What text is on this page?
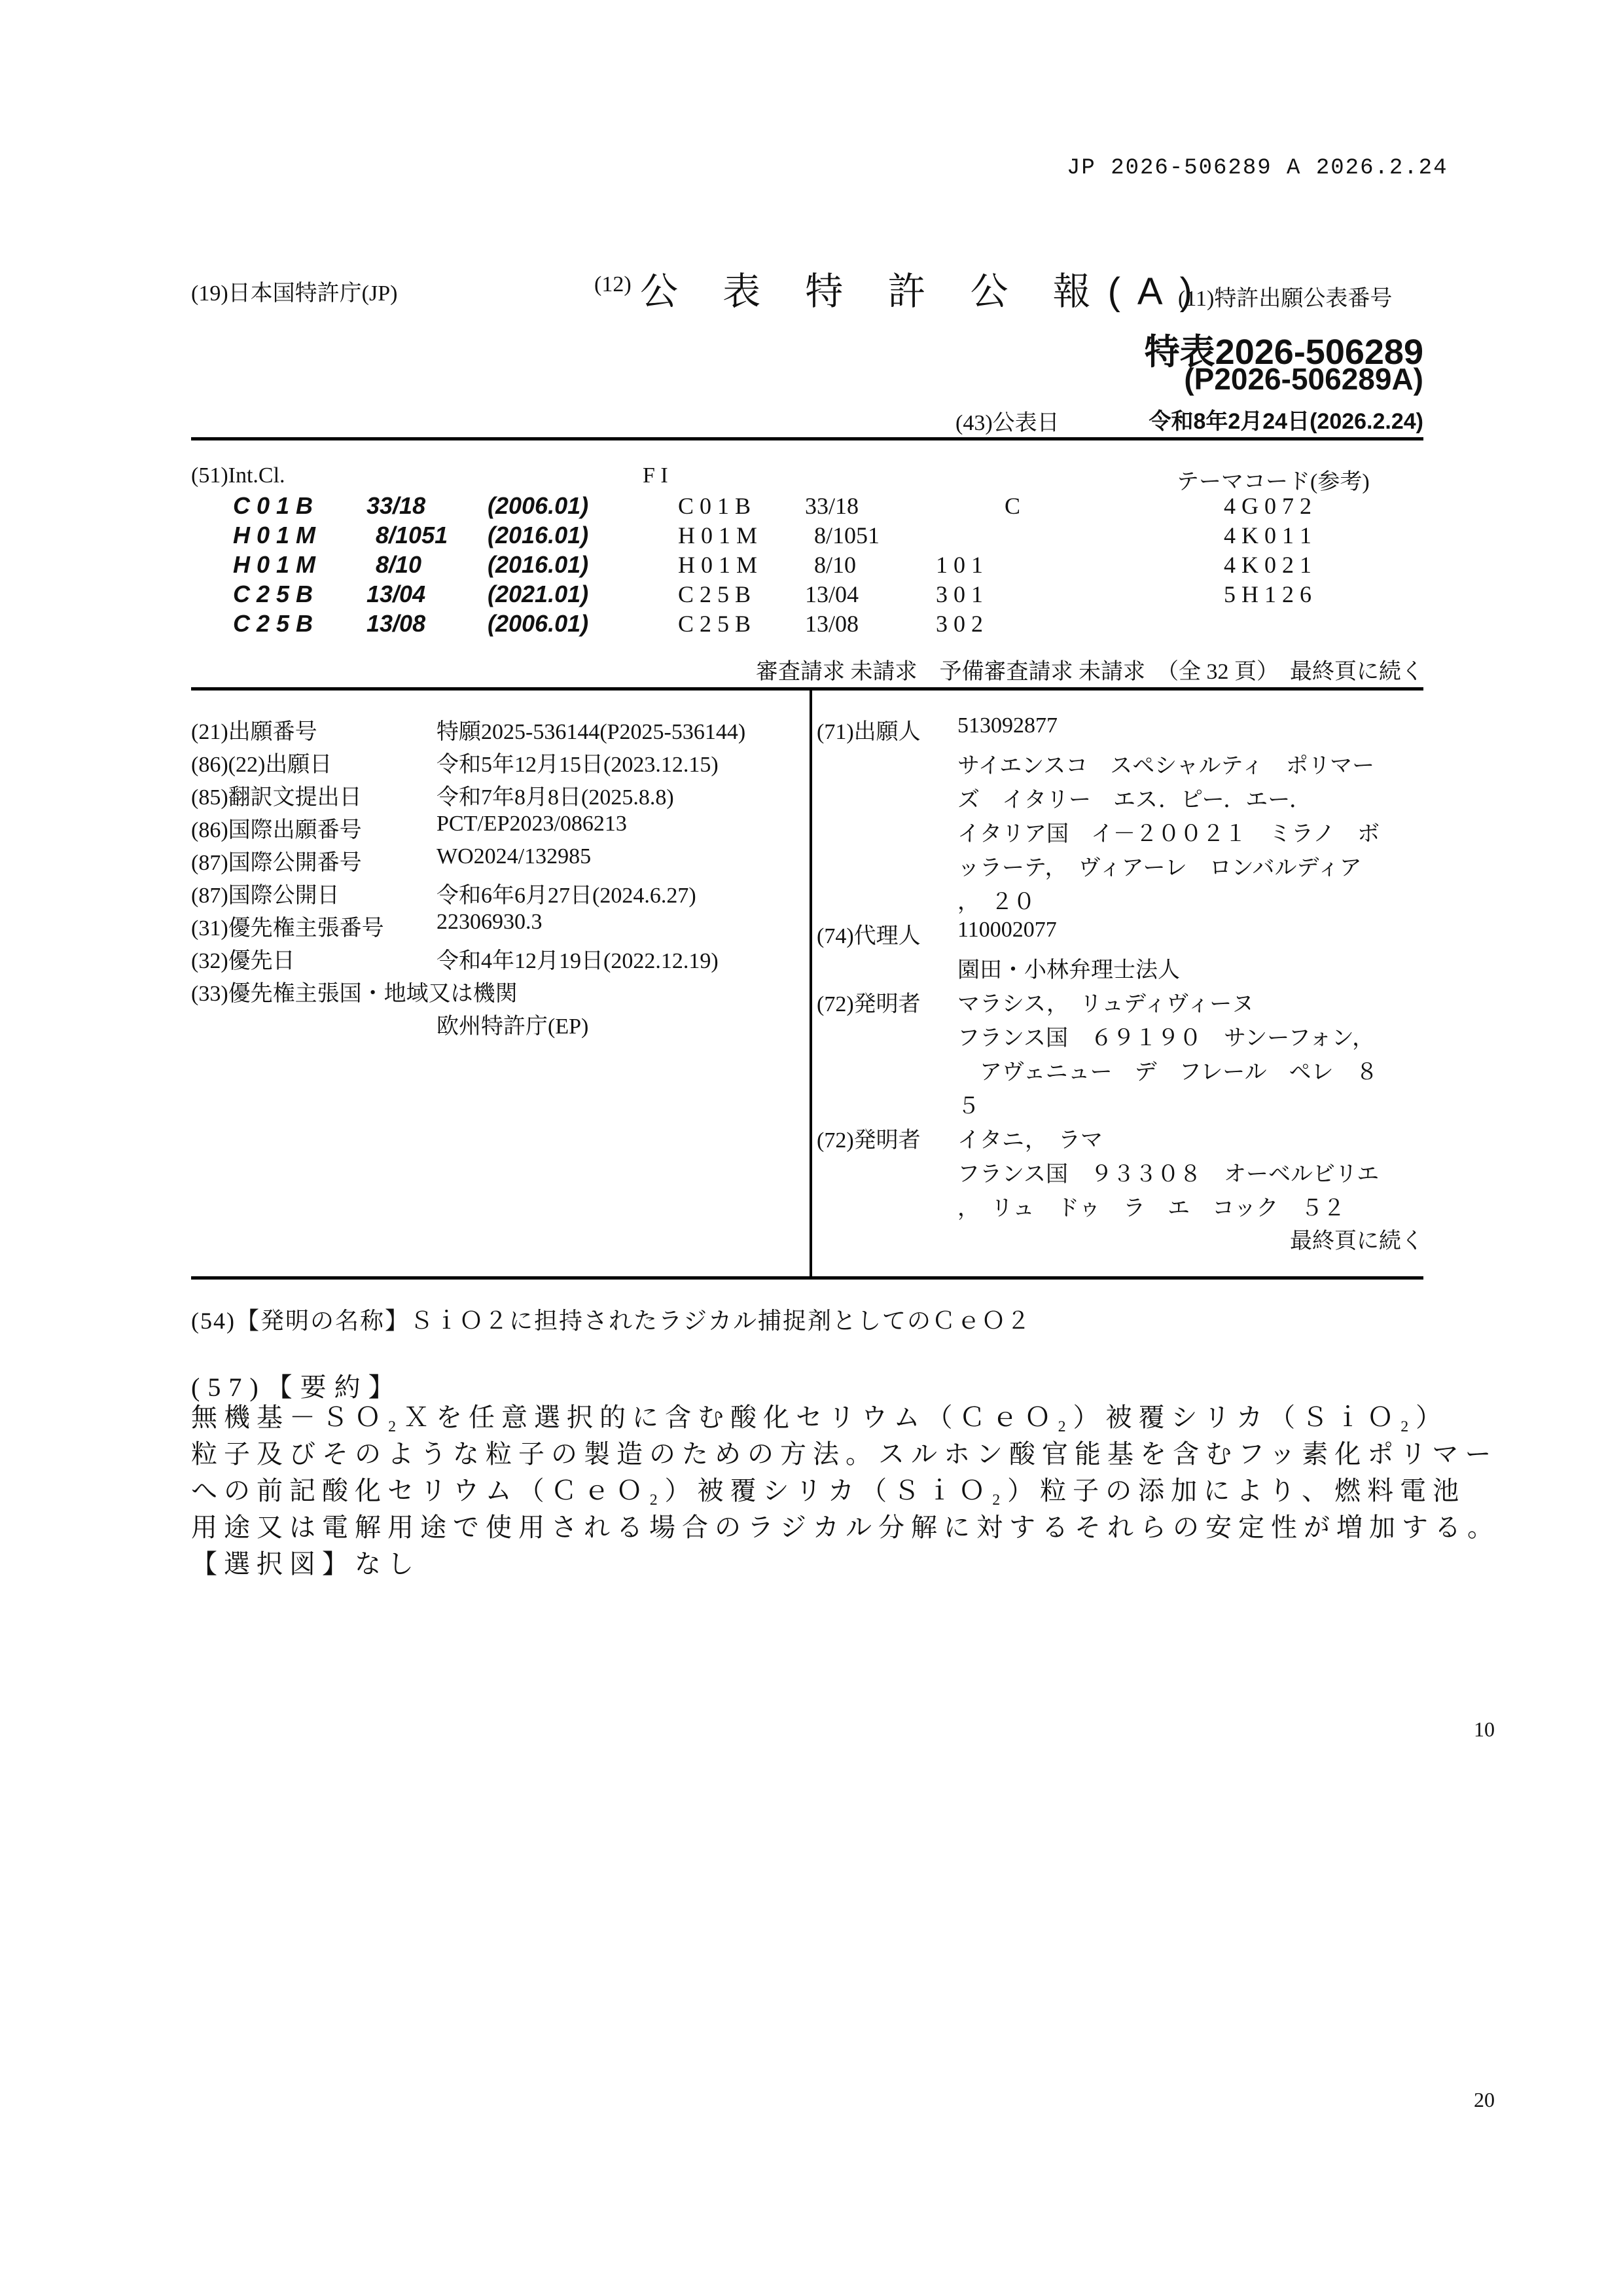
JP 2026-506289 A 2026.2.24
(19)日本国特許庁(JP)	(12) 公 表 特 許 公 報(A)
(11)特許出願公表番号
特表2026-506289
(P2026-506289A)
(43)公表日	令和8年2月24日(2026.2.24)
(51)Int.Cl.	F I	テーマコード(参考)
C 0 1 B 33/18	(2006.01)	C 0 1 B 33/18	C	4 G 0 7 2
H 0 1 M	8/1051 (2016.01)	H 0 1 M 8/1051	4 K 0 1 1
H 0 1 M	8/10	(2016.01)	H 0 1 M 8/10	1 0 1	4 K 0 2 1
C 2 5 B 13/04	(2021.01)	C 2 5 B 13/04	3 0 1	5 H 1 2 6
C 2 5 B 13/08	(2006.01)	C 2 5 B 13/08	3 0 2
審査請求 未請求　予備審査請求 未請求　（全 32 頁）　最終頁に続く
(21)出願番号	特願2025-536144(P2025-536144)
(86)(22)出願日	令和5年12月15日(2023.12.15)
(85)翻訳文提出日	令和7年8月8日(2025.8.8)
(86)国際出願番号	PCT/EP2023/086213
(87)国際公開番号	WO2024/132985
(87)国際公開日	令和6年6月27日(2024.6.27)
(31)優先権主張番号 22306930.3
(32)優先日	令和4年12月19日(2022.12.19)
(33)優先権主張国・地域又は機関
欧州特許庁(EP)
(71)出願人 513092877
サイエンスコ　スペシャルティ　ポリマー
ズ　イタリー　エス．ピー．エー．
イタリア国　イ－２００２１　ミラノ　ボ
ッラーテ，　ヴィアーレ　ロンバルディア
，　２０
(74)代理人 110002077
園田・小林弁理士法人
(72)発明者 マラシス，　リュディヴィーヌ
フランス国　６９１９０　サンーフォン，
　アヴェニュー　デ　フレール　ペレ　８
５
(72)発明者 イタニ，　ラマ
フランス国　９３３０８　オーベルビリエ
，　リュ　ドゥ　ラ　エ　コック　５２
最終頁に続く
(54)【発明の名称】ＳｉＯ２に担持されたラジカル捕捉剤としてのＣｅＯ２
(57)【要約】

無機基－ＳＯ₂Ｘを任意選択的に含む酸化セリウム（ＣｅＯ₂）被覆シリカ（ＳｉＯ₂）

粒子及びそのような粒子の製造のための方法。スルホン酸官能基を含むフッ素化ポリマー

への前記酸化セリウム（ＣｅＯ₂）被覆シリカ（ＳｉＯ₂）粒子の添加により、燃料電池

用途又は電解用途で使用される場合のラジカル分解に対するそれらの安定性が増加する。

【選択図】なし

10
20
